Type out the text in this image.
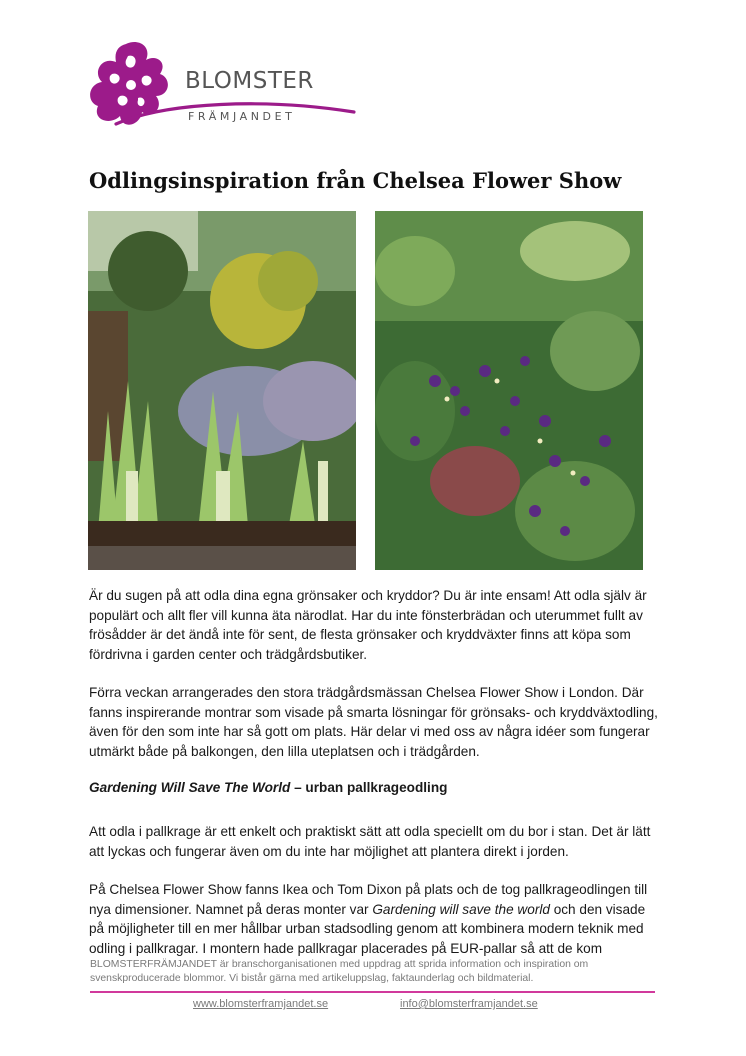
BLOMSTER
FRÄMJANDET
Odlingsinspiration från Chelsea Flower Show

Är du sugen på att odla dina egna grönsaker och kryddor? Du är inte ensam! Att odla själv är populärt och allt fler vill kunna äta närodlat. Har du inte fönsterbrädan och uterummet fullt av frösådder är det ändå inte för sent, de flesta grönsaker och kryddväxter finns att köpa som fördrivna i garden center och trädgårdsbutiker.

Förra veckan arrangerades den stora trädgårdsmässan Chelsea Flower Show i London. Där fanns inspirerande montrar som visade på smarta lösningar för grönsaks- och kryddväxtodling, även för den som inte har så gott om plats. Här delar vi med oss av några idéer som fungerar utmärkt både på balkongen, den lilla uteplatsen och i trädgården.

Gardening Will Save The World – urban pallkrageodling

Att odla i pallkrage är ett enkelt och praktiskt sätt att odla speciellt om du bor i stan. Det är lätt att lyckas och fungerar även om du inte har möjlighet att plantera direkt i jorden.

På Chelsea Flower Show fanns Ikea och Tom Dixon på plats och de tog pallkrageodlingen till nya dimensioner. Namnet på deras monter var Gardening will save the world och den visade på möjligheter till en mer hållbar urban stadsodling genom att kombinera modern teknik med odling i pallkragar. I montern hade pallkragar placerades på EUR-pallar så att de kom

BLOMSTERFRÄMJANDET är branschorganisationen med uppdrag att sprida information och inspiration om svenskproducerade blommor. Vi bistår gärna med artikeluppslag, faktaunderlag och bildmaterial.

www.blomsterframjandet.se	info@blomsterframjandet.se
